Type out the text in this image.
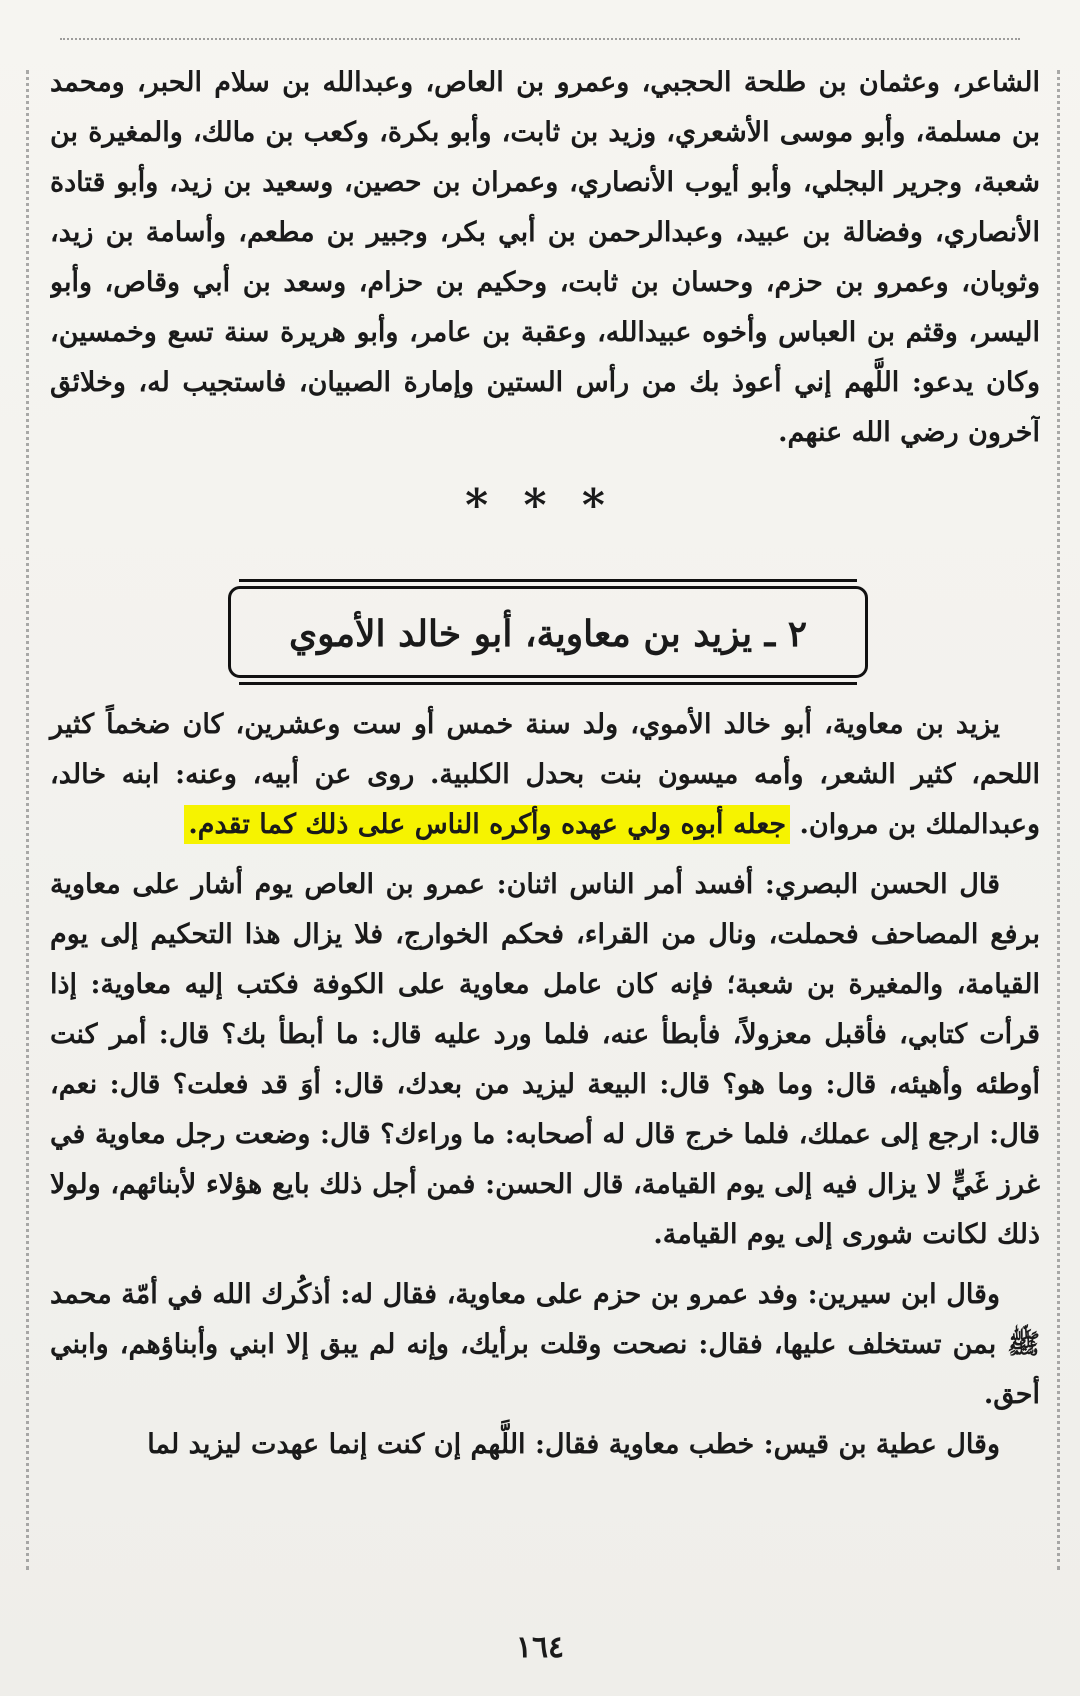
الشاعر، وعثمان بن طلحة الحجبي، وعمرو بن العاص، وعبدالله بن سلام الحبر، ومحمد بن مسلمة، وأبو موسى الأشعري، وزيد بن ثابت، وأبو بكرة، وكعب بن مالك، والمغيرة بن شعبة، وجرير البجلي، وأبو أيوب الأنصاري، وعمران بن حصين، وسعيد بن زيد، وأبو قتادة الأنصاري، وفضالة بن عبيد، وعبدالرحمن بن أبي بكر، وجبير بن مطعم، وأسامة بن زيد، وثوبان، وعمرو بن حزم، وحسان بن ثابت، وحكيم بن حزام، وسعد بن أبي وقاص، وأبو اليسر، وقثم بن العباس وأخوه عبيدالله، وعقبة بن عامر، وأبو هريرة سنة تسع وخمسين، وكان يدعو: اللَّهم إني أعوذ بك من رأس الستين وإمارة الصبيان، فاستجيب له، وخلائق آخرون رضي الله عنهم.

* * *
٢ ـ يزيد بن معاوية، أبو خالد الأموي

يزيد بن معاوية، أبو خالد الأموي، ولد سنة خمس أو ست وعشرين، كان ضخماً كثير اللحم، كثير الشعر، وأمه ميسون بنت بحدل الكلبية. روى عن أبيه، وعنه: ابنه خالد، وعبدالملك بن مروان. جعله أبوه ولي عهده وأكره الناس على ذلك كما تقدم.

قال الحسن البصري: أفسد أمر الناس اثنان: عمرو بن العاص يوم أشار على معاوية برفع المصاحف فحملت، ونال من القراء، فحكم الخوارج، فلا يزال هذا التحكيم إلى يوم القيامة، والمغيرة بن شعبة؛ فإنه كان عامل معاوية على الكوفة فكتب إليه معاوية: إذا قرأت كتابي، فأقبل معزولاً، فأبطأ عنه، فلما ورد عليه قال: ما أبطأ بك؟ قال: أمر كنت أوطئه وأهيئه، قال: وما هو؟ قال: البيعة ليزيد من بعدك، قال: أوَ قد فعلت؟ قال: نعم، قال: ارجع إلى عملك، فلما خرج قال له أصحابه: ما وراءك؟ قال: وضعت رجل معاوية في غرز غَيٍّ لا يزال فيه إلى يوم القيامة، قال الحسن: فمن أجل ذلك بايع هؤلاء لأبنائهم، ولولا ذلك لكانت شورى إلى يوم القيامة.

وقال ابن سيرين: وفد عمرو بن حزم على معاوية، فقال له: أذكُرك الله في أمّة محمد ﷺ بمن تستخلف عليها، فقال: نصحت وقلت برأيك، وإنه لم يبق إلا ابني وأبناؤهم، وابني أحق.

وقال عطية بن قيس: خطب معاوية فقال: اللَّهم إن كنت إنما عهدت ليزيد لما

١٦٤
